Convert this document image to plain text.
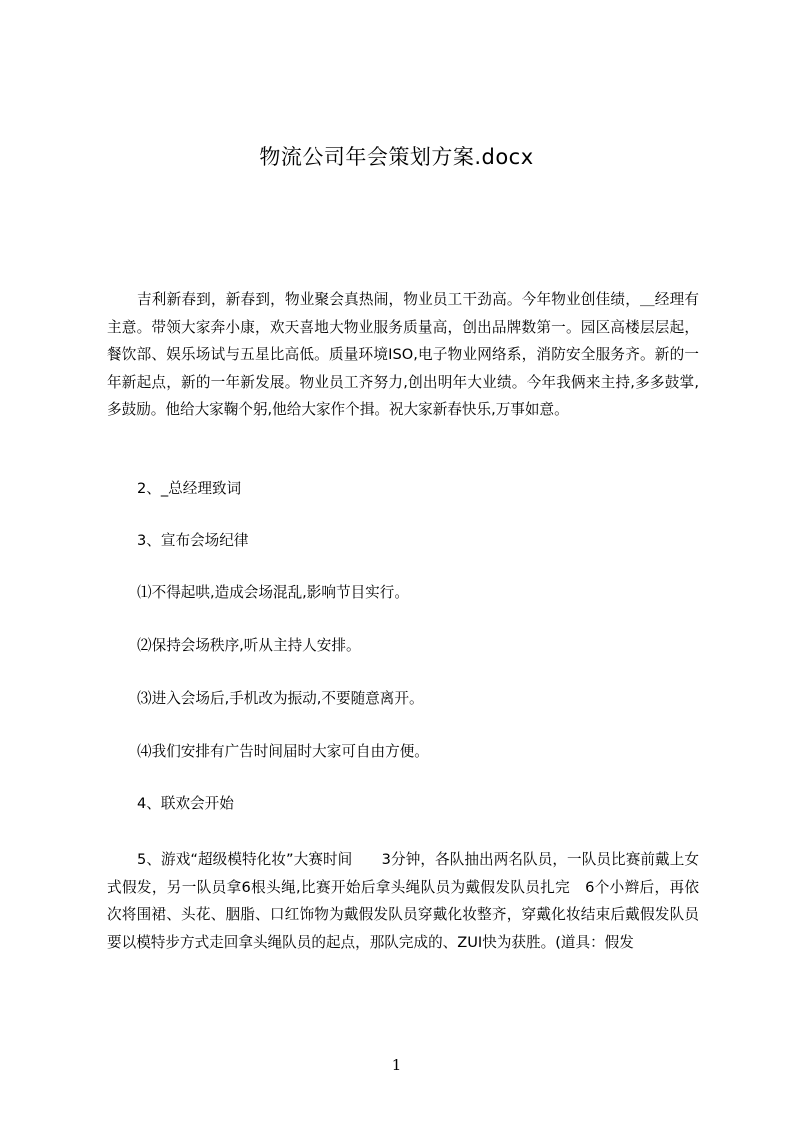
物流公司年会策划方案.docx

吉利新春到，新春到，物业聚会真热闹，物业员工干劲高。今年物业创佳绩，＿经理有主意。带领大家奔小康，欢天喜地大物业服务质量高，创出品牌数第一。园区高楼层层起，餐饮部、娱乐场试与五星比高低。质量环境ISO,电子物业网络系，消防安全服务齐。新的一年新起点，新的一年新发展。物业员工齐努力,创出明年大业绩。今年我俩来主持,多多鼓掌,多鼓励。他给大家鞠个躬,他给大家作个揖。祝大家新春快乐,万事如意。

2、_总经理致词

3、宣布会场纪律

⑴不得起哄,造成会场混乱,影响节目实行。

⑵保持会场秩序,听从主持人安排。

⑶进入会场后,手机改为振动,不要随意离开。

⑷我们安排有广告时间届时大家可自由方便。

4、联欢会开始

5、游戏“超级模特化妆”大赛时间　　3分钟，各队抽出两名队员，一队员比赛前戴上女式假发，另一队员拿6根头绳,比赛开始后拿头绳队员为戴假发队员扎完　6个小辫后，再依次将围裙、头花、胭脂、口红饰物为戴假发队员穿戴化妆整齐，穿戴化妆结束后戴假发队员要以模特步方式走回拿头绳队员的起点，那队完成的、ZUI快为获胜。(道具：假发

1
